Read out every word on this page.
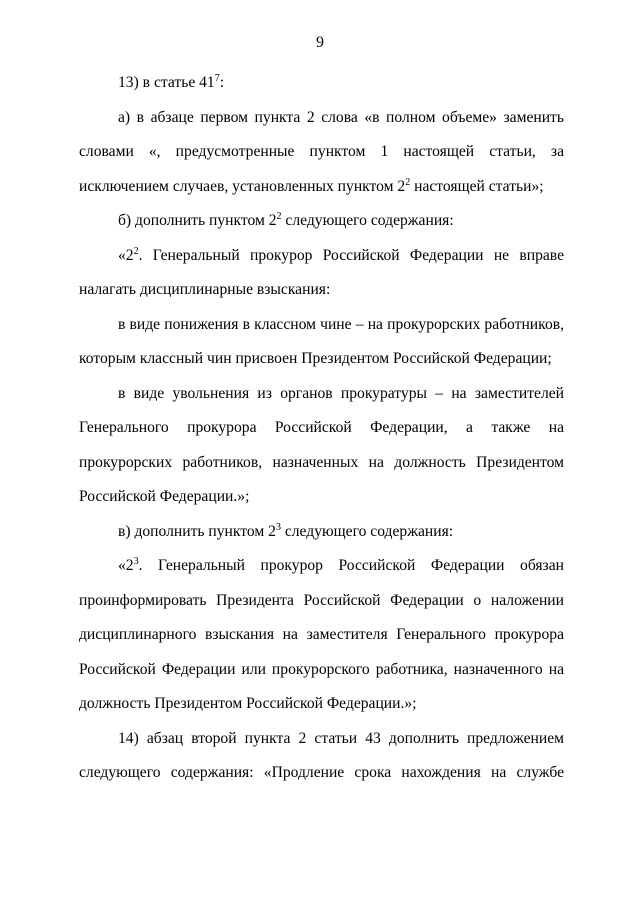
9

13) в статье $41^7$:

а) в абзаце первом пункта 2 слова «в полном объеме» заменить словами «, предусмотренные пунктом 1 настоящей статьи, за исключением случаев, установленных пунктом $2^2$ настоящей статьи»;

б) дополнить пунктом $2^2$ следующего содержания:

«$2^2$. Генеральный прокурор Российской Федерации не вправе налагать дисциплинарные взыскания:

в виде понижения в классном чине – на прокурорских работников, которым классный чин присвоен Президентом Российской Федерации;

в виде увольнения из органов прокуратуры – на заместителей Генерального прокурора Российской Федерации, а также на прокурорских работников, назначенных на должность Президентом Российской Федерации.»;

в) дополнить пунктом $2^3$ следующего содержания:

«$2^3$. Генеральный прокурор Российской Федерации обязан проинформировать Президента Российской Федерации о наложении дисциплинарного взыскания на заместителя Генерального прокурора Российской Федерации или прокурорского работника, назначенного на должность Президентом Российской Федерации.»;

14) абзац второй пункта 2 статьи 43 дополнить предложением следующего содержания: «Продление срока нахождения на службе
